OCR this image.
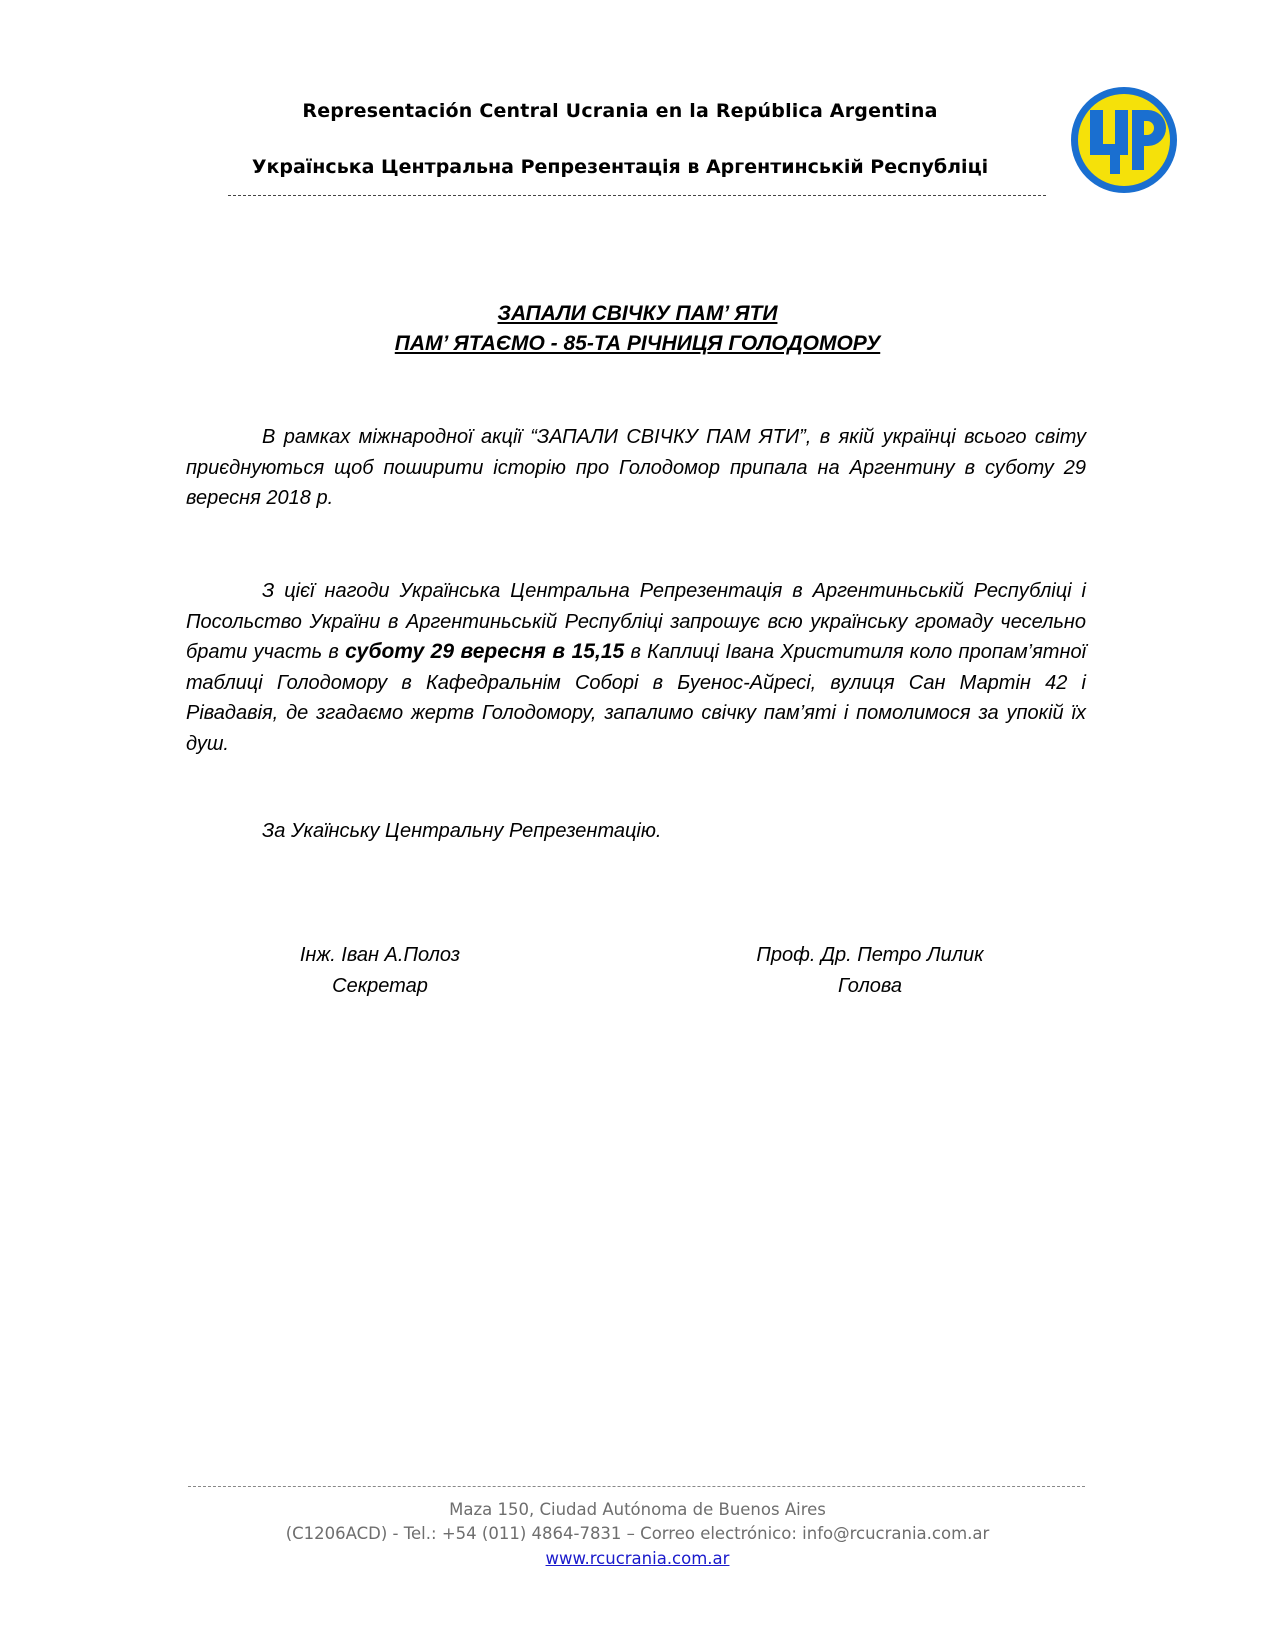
Representación Central Ucrania en la República Argentina
Українська Центральна Репрезентація в Аргентинській Республіці
ЗАПАЛИ СВІЧКУ ПАМ’ ЯТИ
ПАМ’ ЯТАЄМО - 85-ТА РІЧНИЦЯ ГОЛОДОМОРУ

В рамках міжнародної акції “ЗАПАЛИ СВІЧКУ ПАМ ЯТИ”, в якій українці всього світу приєднуються щоб поширити історію про Голодомор припала на Аргентину в суботу 29 вересня 2018 р.

З цієї нагоди Українська Центральна Репрезентація в Аргентиньській Республіці і Посольство України в Аргентиньській Республіці запрошує всю українську громаду чесельно брати участь в суботу 29 вересня в 15,15 в Каплиці Івана Христитиля коло пропам’ятної таблиці Голодомору в Кафедральнім Соборі в Буенос-Айресі, вулиця Сан Мартін 42 і Рівадавія, де згадаємо жертв Голодомору, запалимо свічку пам’яті і помолимося за упокій їх душ.

За Укаїнську Центральну Репрезентацію.
Інж. Іван А.Полоз
Секретар
Проф. Др. Петро Лилик
Голова
Maza 150, Ciudad Autónoma de Buenos Aires
(C1206ACD) - Tel.: +54 (011) 4864-7831 – Correo electrónico: info@rcucrania.com.ar
www.rcucrania.com.ar
